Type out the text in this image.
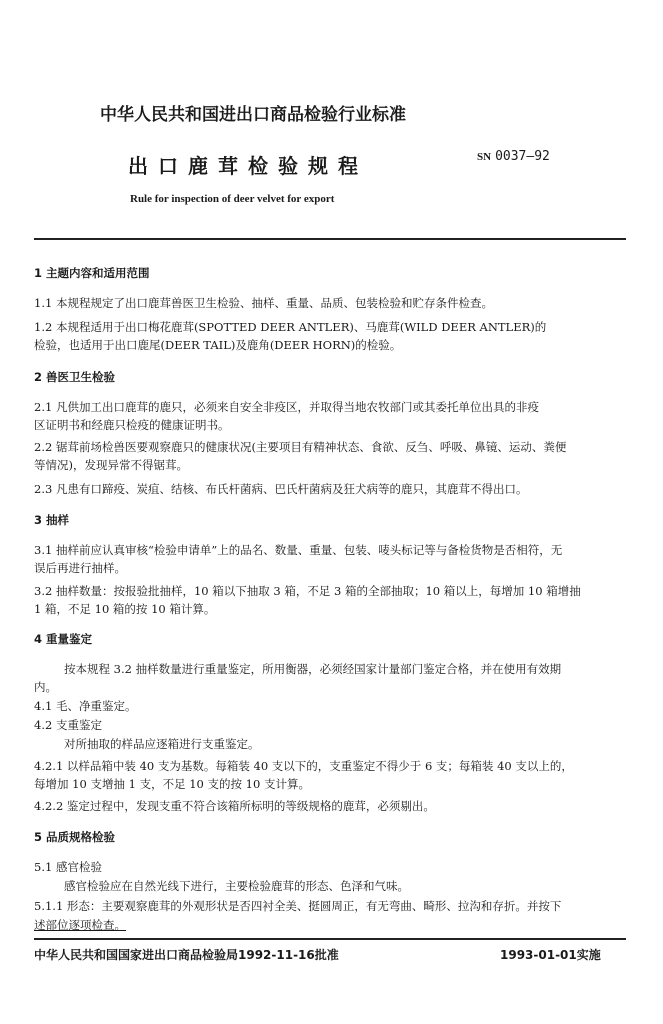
中华人民共和国进出口商品检验行业标准
出口鹿茸检验规程	SN 0037—92
Rule for inspection of deer velvet for export
1 主题内容和适用范围
1.1 本规程规定了出口鹿茸兽医卫生检验、抽样、重量、品质、包装检验和贮存条件检查。
1.2 本规程适用于出口梅花鹿茸(SPOTTED DEER ANTLER)、马鹿茸(WILD DEER ANTLER)的
检验，也适用于出口鹿尾(DEER TAIL)及鹿角(DEER HORN)的检验。
2 兽医卫生检验
2.1 凡供加工出口鹿茸的鹿只，必须来自安全非疫区，并取得当地农牧部门或其委托单位出具的非疫
区证明书和经鹿只检疫的健康证明书。
2.2 锯茸前场检兽医要观察鹿只的健康状况(主要项目有精神状态、食欲、反刍、呼吸、鼻镜、运动、粪便
等情况)，发现异常不得锯茸。
2.3 凡患有口蹄疫、炭疽、结核、布氏杆菌病、巴氏杆菌病及狂犬病等的鹿只，其鹿茸不得出口。
3 抽样
3.1 抽样前应认真审核“检验申请单”上的品名、数量、重量、包装、唛头标记等与备检货物是否相符，无
误后再进行抽样。
3.2 抽样数量：按报验批抽样，10 箱以下抽取 3 箱，不足 3 箱的全部抽取；10 箱以上，每增加 10 箱增抽
1 箱，不足 10 箱的按 10 箱计算。
4 重量鉴定
按本规程 3.2 抽样数量进行重量鉴定，所用衡器，必须经国家计量部门鉴定合格，并在使用有效期
内。
4.1 毛、净重鉴定。
4.2 支重鉴定
对所抽取的样品应逐箱进行支重鉴定。
4.2.1 以样品箱中装 40 支为基数。每箱装 40 支以下的，支重鉴定不得少于 6 支；每箱装 40 支以上的，
每增加 10 支增抽 1 支，不足 10 支的按 10 支计算。
4.2.2 鉴定过程中，发现支重不符合该箱所标明的等级规格的鹿茸，必须剔出。
5 品质规格检验
5.1 感官检验
感官检验应在自然光线下进行，主要检验鹿茸的形态、色泽和气味。
5.1.1 形态：主要观察鹿茸的外观形状是否四衬全美、挺圆周正，有无弯曲、畸形、拉沟和存折。并按下
述部位逐项检查。
中华人民共和国国家进出口商品检验局1992-11-16批准	1993-01-01实施
